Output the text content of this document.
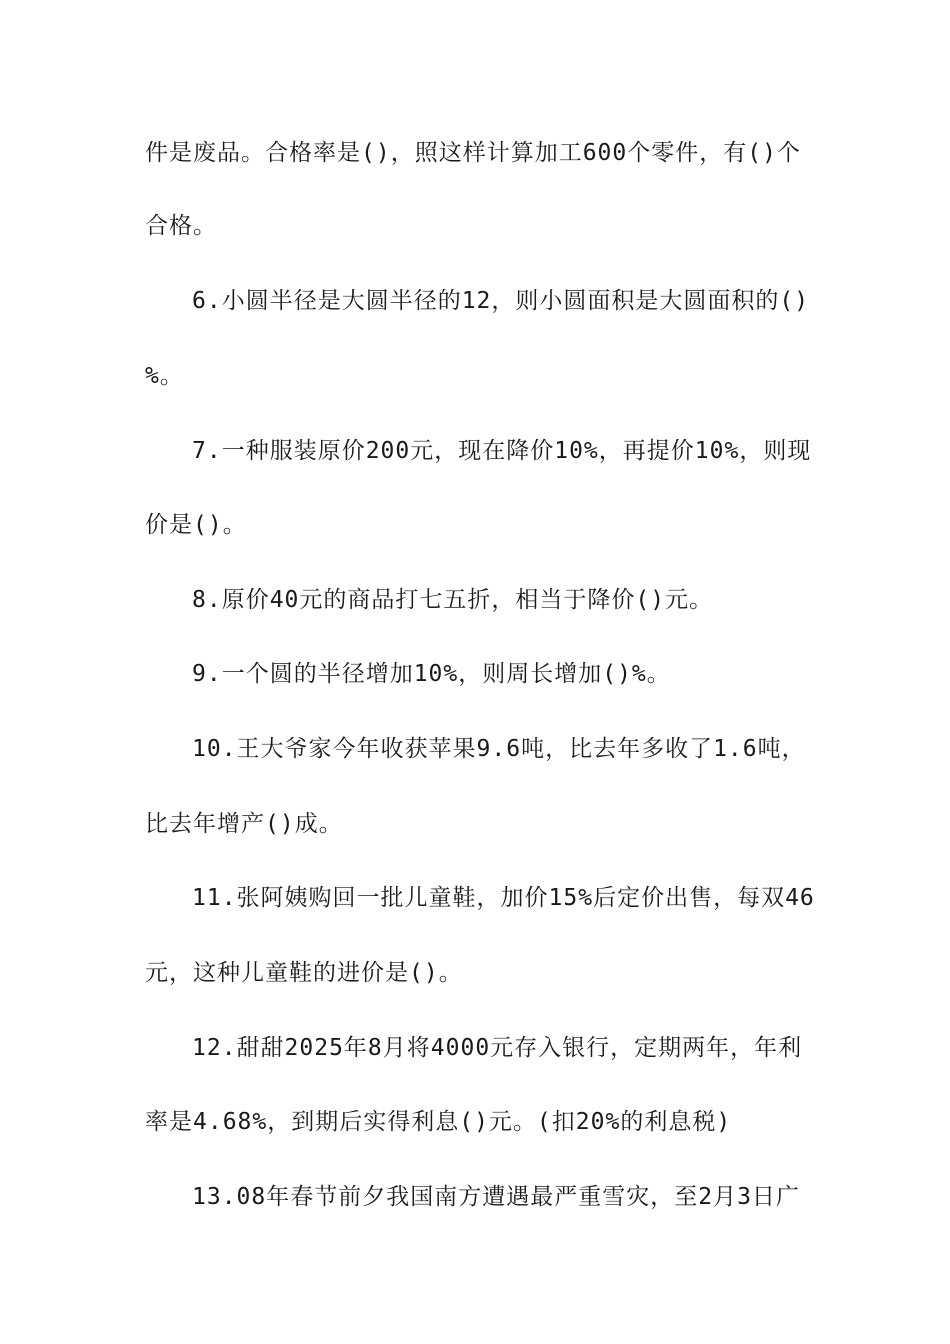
件是废品。合格率是()，照这样计算加工600个零件，有()个
合格。
6.小圆半径是大圆半径的12，则小圆面积是大圆面积的()
%。
7.一种服装原价200元，现在降价10%，再提价10%，则现
价是()。
8.原价40元的商品打七五折，相当于降价()元。
9.一个圆的半径增加10%，则周长增加()%。
10.王大爷家今年收获苹果9.6吨，比去年多收了1.6吨，
比去年增产()成。
11.张阿姨购回一批儿童鞋，加价15%后定价出售，每双46
元，这种儿童鞋的进价是()。
12.甜甜2025年8月将4000元存入银行，定期两年，年利
率是4.68%，到期后实得利息()元。(扣20%的利息税)
13.08年春节前夕我国南方遭遇最严重雪灾，至2月3日广
